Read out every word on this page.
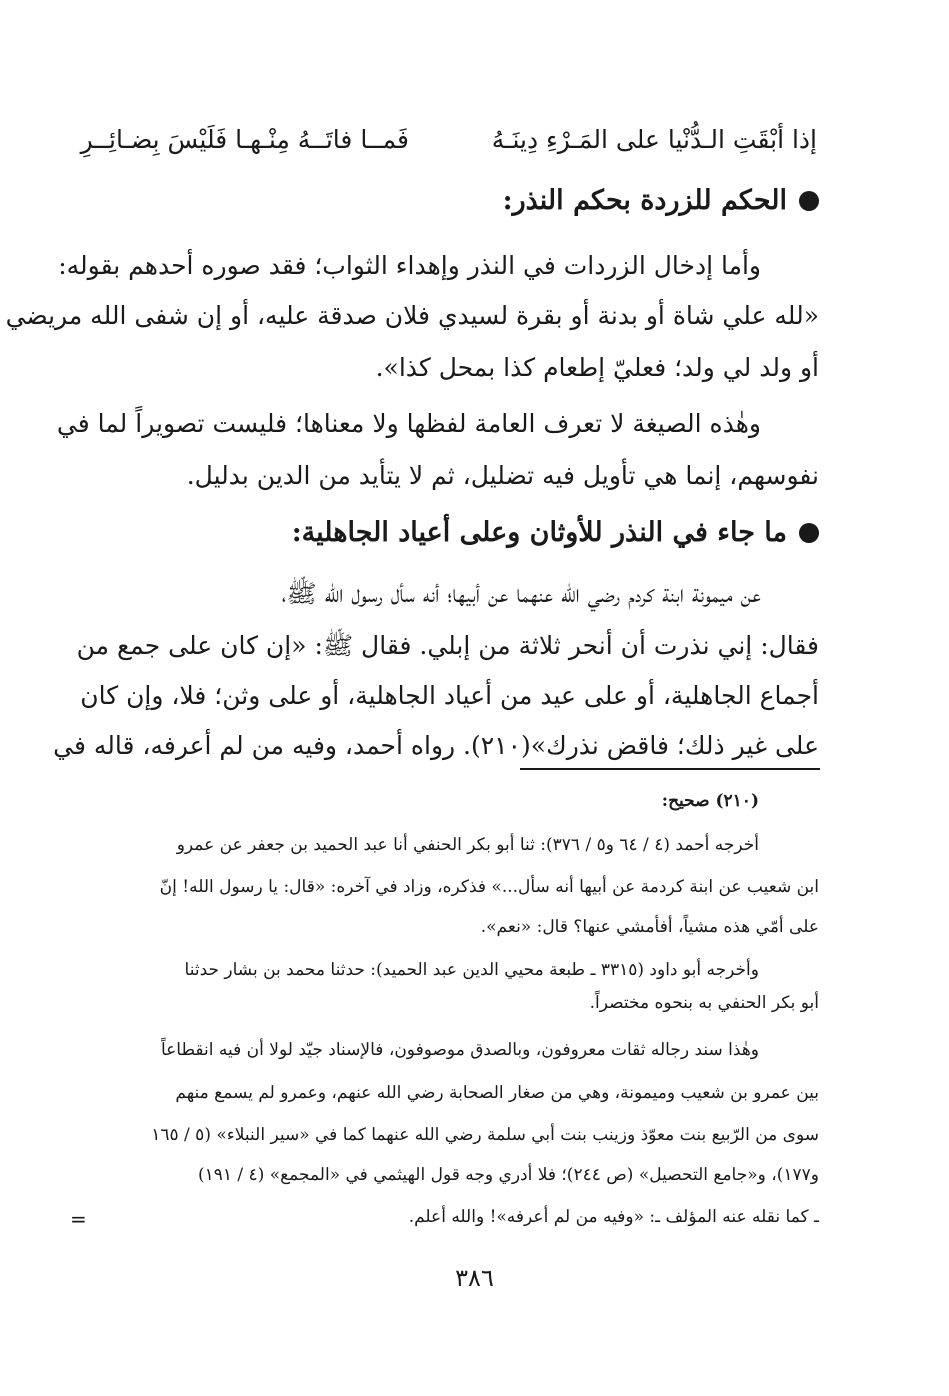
إذا أبْقَتِ الـدُّنْيا على المَـرْءِ دِينَـهُ
فَمــا فاتَــهُ مِنْـهـا فَلَيْسَ بِضـائِــرِ
الحكم للزردة بحكم النذر:
وأما إدخال الزردات في النذر وإهداء الثواب؛ فقد صوره أحدهم بقوله:
«لله علي شاة أو بدنة أو بقرة لسيدي فلان صدقة عليه، أو إن شفى الله مريضي
أو ولد لي ولد؛ فعليّ إطعام كذا بمحل كذا».
وهٰذه الصيغة لا تعرف العامة لفظها ولا معناها؛ فليست تصويراً لما في
نفوسهم، إنما هي تأويل فيه تضليل، ثم لا يتأيد من الدين بدليل.
ما جاء في النذر للأوثان وعلى أعياد الجاهلية:
عن ميمونة ابنة كردم رضي الله عنهما عن أبيها؛ أنه سأل رسول الله ﷺ،
فقال: إني نذرت أن أنحر ثلاثة من إبلي. فقال ﷺ: «إن كان على جمع من
أجماع الجاهلية، أو على عيد من أعياد الجاهلية، أو على وثن؛ فلا، وإن كان
على غير ذلك؛ فاقض نذرك»(٢١٠). رواه أحمد، وفيه من لم أعرفه، قاله في
(٢١٠) صحيح:
أخرجه أحمد (٤ / ٦٤ و٥ / ٣٧٦): ثنا أبو بكر الحنفي أنا عبد الحميد بن جعفر عن عمرو
ابن شعيب عن ابنة كردمة عن أبيها أنه سأل...» فذكره، وزاد في آخره: «قال: يا رسول الله! إنّ
على أمّي هذه مشياً، أفأمشي عنها؟ قال: «نعم».
وأخرجه أبو داود (٣٣١٥ ـ طبعة محيي الدين عبد الحميد): حدثنا محمد بن بشار حدثنا
أبو بكر الحنفي به بنحوه مختصراً.
وهٰذا سند رجاله ثقات معروفون، وبالصدق موصوفون، فالإسناد جيّد لولا أن فيه انقطاعاً
بين عمرو بن شعيب وميمونة، وهي من صغار الصحابة رضي الله عنهم، وعمرو لم يسمع منهم
سوى من الرّبيع بنت معوّذ وزينب بنت أبي سلمة رضي الله عنهما كما في «سير النبلاء» (٥ / ١٦٥
و١٧٧)، و«جامع التحصيل» (ص ٢٤٤)؛ فلا أدري وجه قول الهيثمي في «المجمع» (٤ / ١٩١)
ـ كما نقله عنه المؤلف ـ: «وفيه من لم أعرفه»! والله أعلم.
=
٣٨٦
